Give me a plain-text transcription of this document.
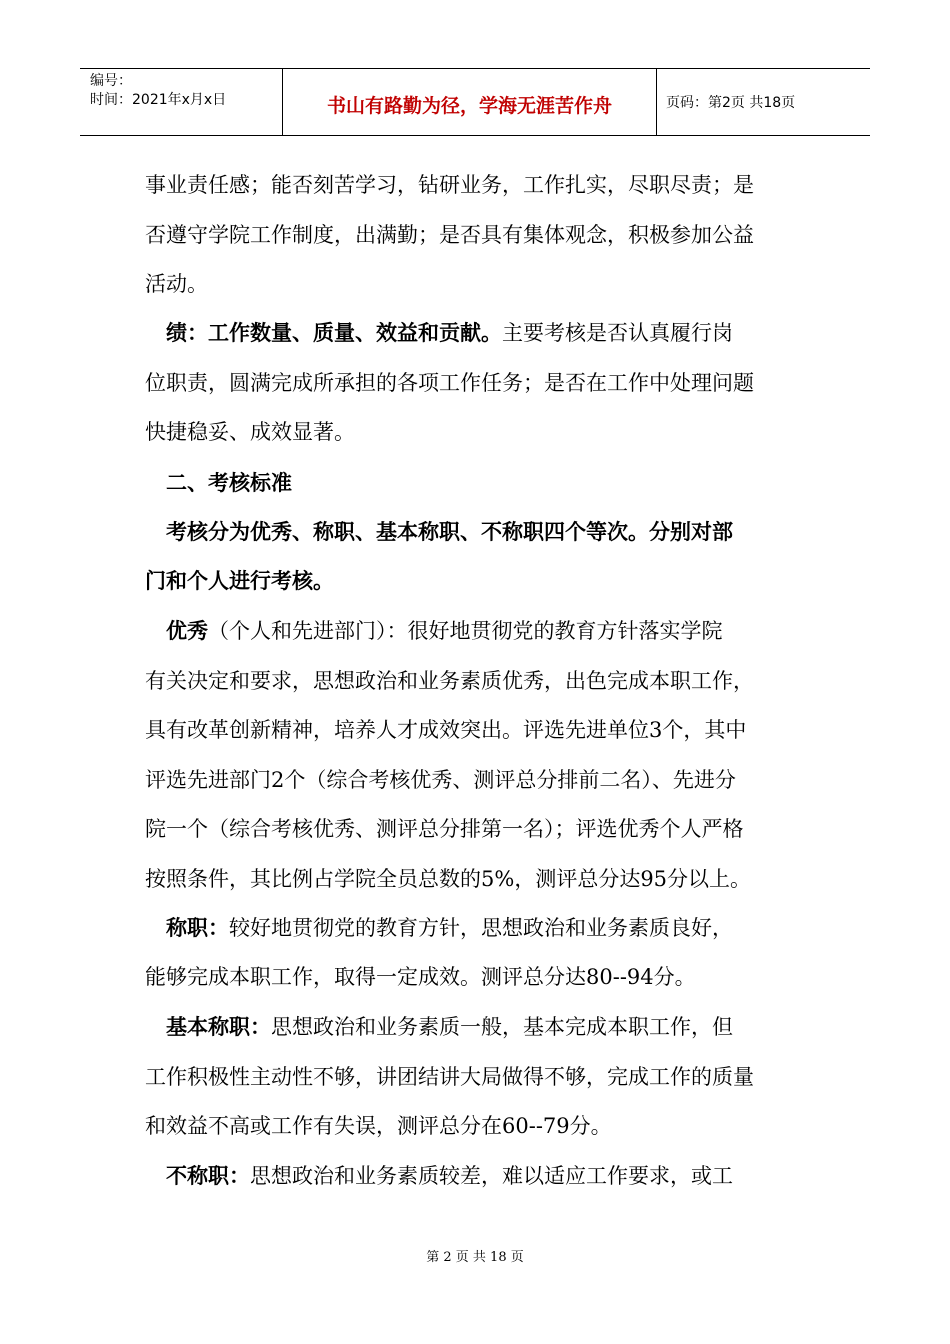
编号：
时间：2021年x月x日	书山有路勤为径，学海无涯苦作舟	页码：第2页 共18页
事业责任感；能否刻苦学习，钻研业务，工作扎实，尽职尽责；是
否遵守学院工作制度，出满勤；是否具有集体观念，积极参加公益
活动。
　绩：工作数量、质量、效益和贡献。主要考核是否认真履行岗
位职责，圆满完成所承担的各项工作任务；是否在工作中处理问题
快捷稳妥、成效显著。
　二、考核标准
　考核分为优秀、称职、基本称职、不称职四个等次。分别对部
门和个人进行考核。
　优秀（个人和先进部门）：很好地贯彻党的教育方针落实学院
有关决定和要求，思想政治和业务素质优秀，出色完成本职工作，
具有改革创新精神，培养人才成效突出。评选先进单位3个，其中
评选先进部门2个（综合考核优秀、测评总分排前二名）、先进分
院一个（综合考核优秀、测评总分排第一名）；评选优秀个人严格
按照条件，其比例占学院全员总数的5%，测评总分达95分以上。
　称职：较好地贯彻党的教育方针，思想政治和业务素质良好，
能够完成本职工作，取得一定成效。测评总分达80--94分。
　基本称职：思想政治和业务素质一般，基本完成本职工作，但
工作积极性主动性不够，讲团结讲大局做得不够，完成工作的质量
和效益不高或工作有失误，测评总分在60--79分。
　不称职：思想政治和业务素质较差，难以适应工作要求，或工
第 2 页 共 18 页
